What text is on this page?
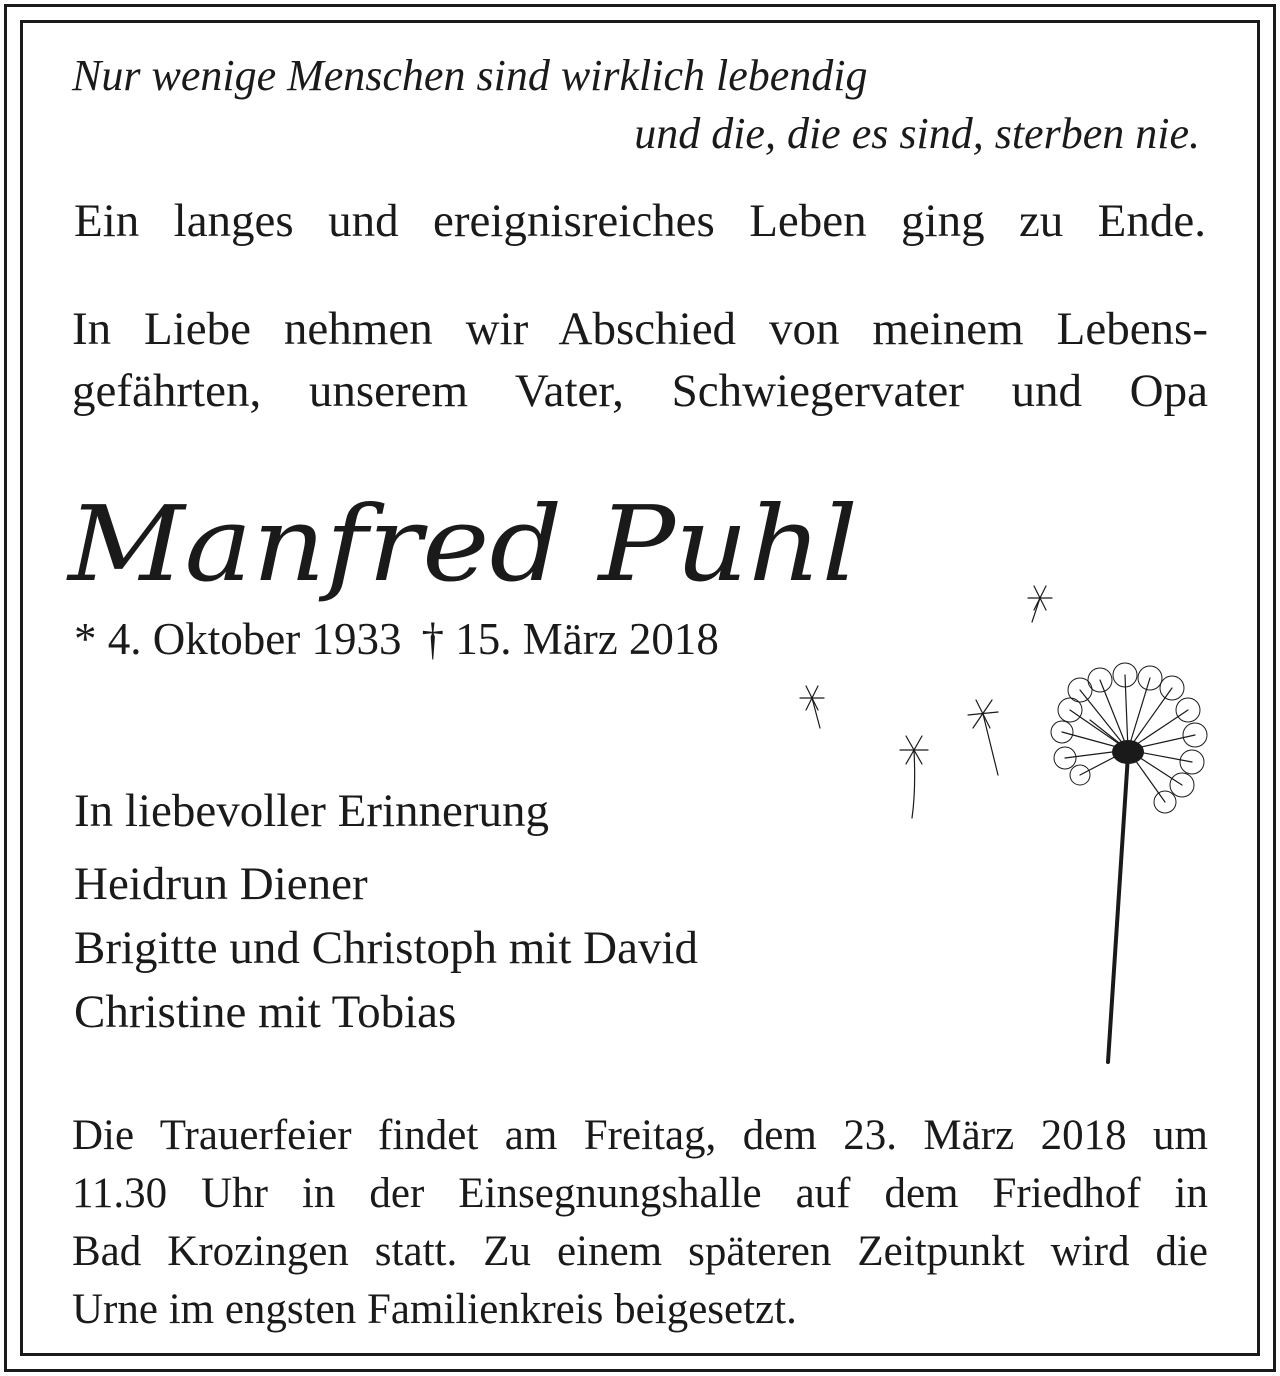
Nur wenige Menschen sind wirklich lebendig

und die, die es sind, sterben nie.

Ein langes und ereignisreiches Leben ging zu Ende.

In Liebe nehmen wir Abschied von meinem Lebens-
gefährten, unserem Vater, Schwiegervater und Opa
Manfred Puhl

* 4. Oktober 1933 † 15. März 2018

In liebevoller Erinnerung

Heidrun Diener

Brigitte und Christoph mit David

Christine mit Tobias

Die Trauerfeier findet am Freitag, dem 23. März 2018 um
11.30 Uhr in der Einsegnungshalle auf dem Friedhof in
Bad Krozingen statt. Zu einem späteren Zeitpunkt wird die
Urne im engsten Familienkreis beigesetzt.
